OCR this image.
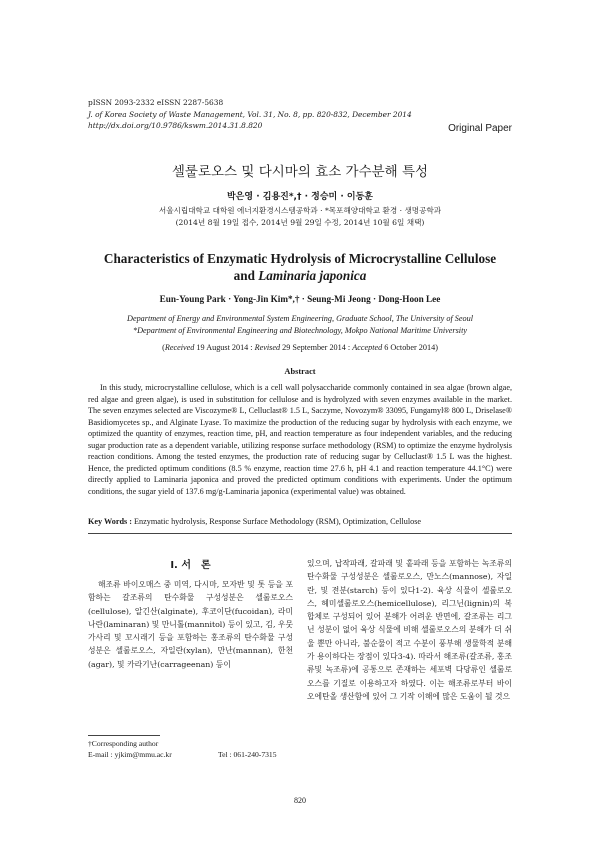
pISSN 2093-2332 eISSN 2287-5638
J. of Korea Society of Waste Management, Vol. 31, No. 8, pp. 820-832, December 2014
http://dx.doi.org/10.9786/kswm.2014.31.8.820	Original Paper
셀룰로오스 및 다시마의 효소 가수분해 특성
박은영 · 김용진*,† · 정승미 · 이동훈
서울시립대학교 대학원 에너지환경시스템공학과 · *목포해양대학교 환경 · 생명공학과
(2014년 8월 19일 접수, 2014년 9월 29일 수정, 2014년 10월 6일 채택)
Characteristics of Enzymatic Hydrolysis of Microcrystalline Cellulose
and Laminaria japonica
Eun-Young Park · Yong-Jin Kim*,† · Seung-Mi Jeong · Dong-Hoon Lee
Department of Energy and Environmental System Engineering, Graduate School, The University of Seoul
*Department of Environmental Engineering and Biotechnology, Mokpo National Maritime University
(Received 19 August 2014 : Revised 29 September 2014 : Accepted 6 October 2014)
Abstract
In this study, microcrystalline cellulose, which is a cell wall polysaccharide commonly contained in sea algae (brown algae, red algae and green algae), is used in substitution for cellulose and is hydrolyzed with seven enzymes available in the market. The seven enzymes selected are Viscozyme® L, Celluclast® 1.5 L, Saczyme, Novozym® 33095, Fungamyl® 800 L, Driselase® Basidiomycetes sp., and Alginate Lyase. To maximize the production of the reducing sugar by hydrolysis with each enzyme, we optimized the quantity of enzymes, reaction time, pH, and reaction temperature as four independent variables, and the reducing sugar production rate as a dependent variable, utilizing response surface methodology (RSM) to optimize the enzyme hydrolysis reaction conditions. Among the tested enzymes, the production rate of reducing sugar by Celluclast® 1.5 L was the highest. Hence, the predicted optimum conditions (8.5 % enzyme, reaction time 27.6 h, pH 4.1 and reaction temperature 44.1°C) were directly applied to Laminaria japonica and proved the predicted optimum conditions with experiments. Under the optimum conditions, the sugar yield of 137.6 mg/g-Laminaria japonica (experimental value) was obtained.
Key Words : Enzymatic hydrolysis, Response Surface Methodology (RSM), Optimization, Cellulose
I. 서　론
해조류 바이오매스 중 미역, 다시마, 모자반 및 톳 등을 포함하는 갈조류의 탄수화물 구성성분은 셀룰로오스(cellulose), 알긴산(alginate), 후코이단(fucoidan), 라미나란(laminaran) 및 만니톨(mannitol) 등이 있고, 김, 우뭇가사리 및 꼬시래기 등을 포함하는 홍조류의 탄수화물 구성성분은 셀룰로오스, 자일란(xylan), 만난(mannan), 한천(agar), 및 카라기난(carrageenan) 등이
있으며, 납작파래, 갈파래 및 홑파래 등을 포함하는 녹조류의 탄수화물 구성성분은 셀룰로오스, 만노스(mannose), 자일란, 및 전분(starch) 등이 있다1-2). 육상 식물이 셀룰로오스, 헤미셀룰로오스(hemicellulose), 리그닌(lignin)의 복합체로 구성되어 있어 분해가 어려운 반면에, 갈조류는 리그닌 성분이 없어 육상 식물에 비해 셀룰로오스의 분해가 더 쉬울 뿐만 아니라, 불순물이 적고 수분이 풍부해 생물학적 분해가 용이하다는 장점이 있다3-4). 따라서 해조류(갈조류, 홍조류및 녹조류)에 공통으로 존재하는 세포벽 다당류인 셀룰로오스를 기질로 이용하고자 하였다. 이는 해조류로부터 바이오에탄올 생산함에 있어 그 기작 이해에 많은 도움이 될 것으
†Corresponding author
E-mail : yjkim@mmu.ac.kr	Tel : 061-240-7315
820
